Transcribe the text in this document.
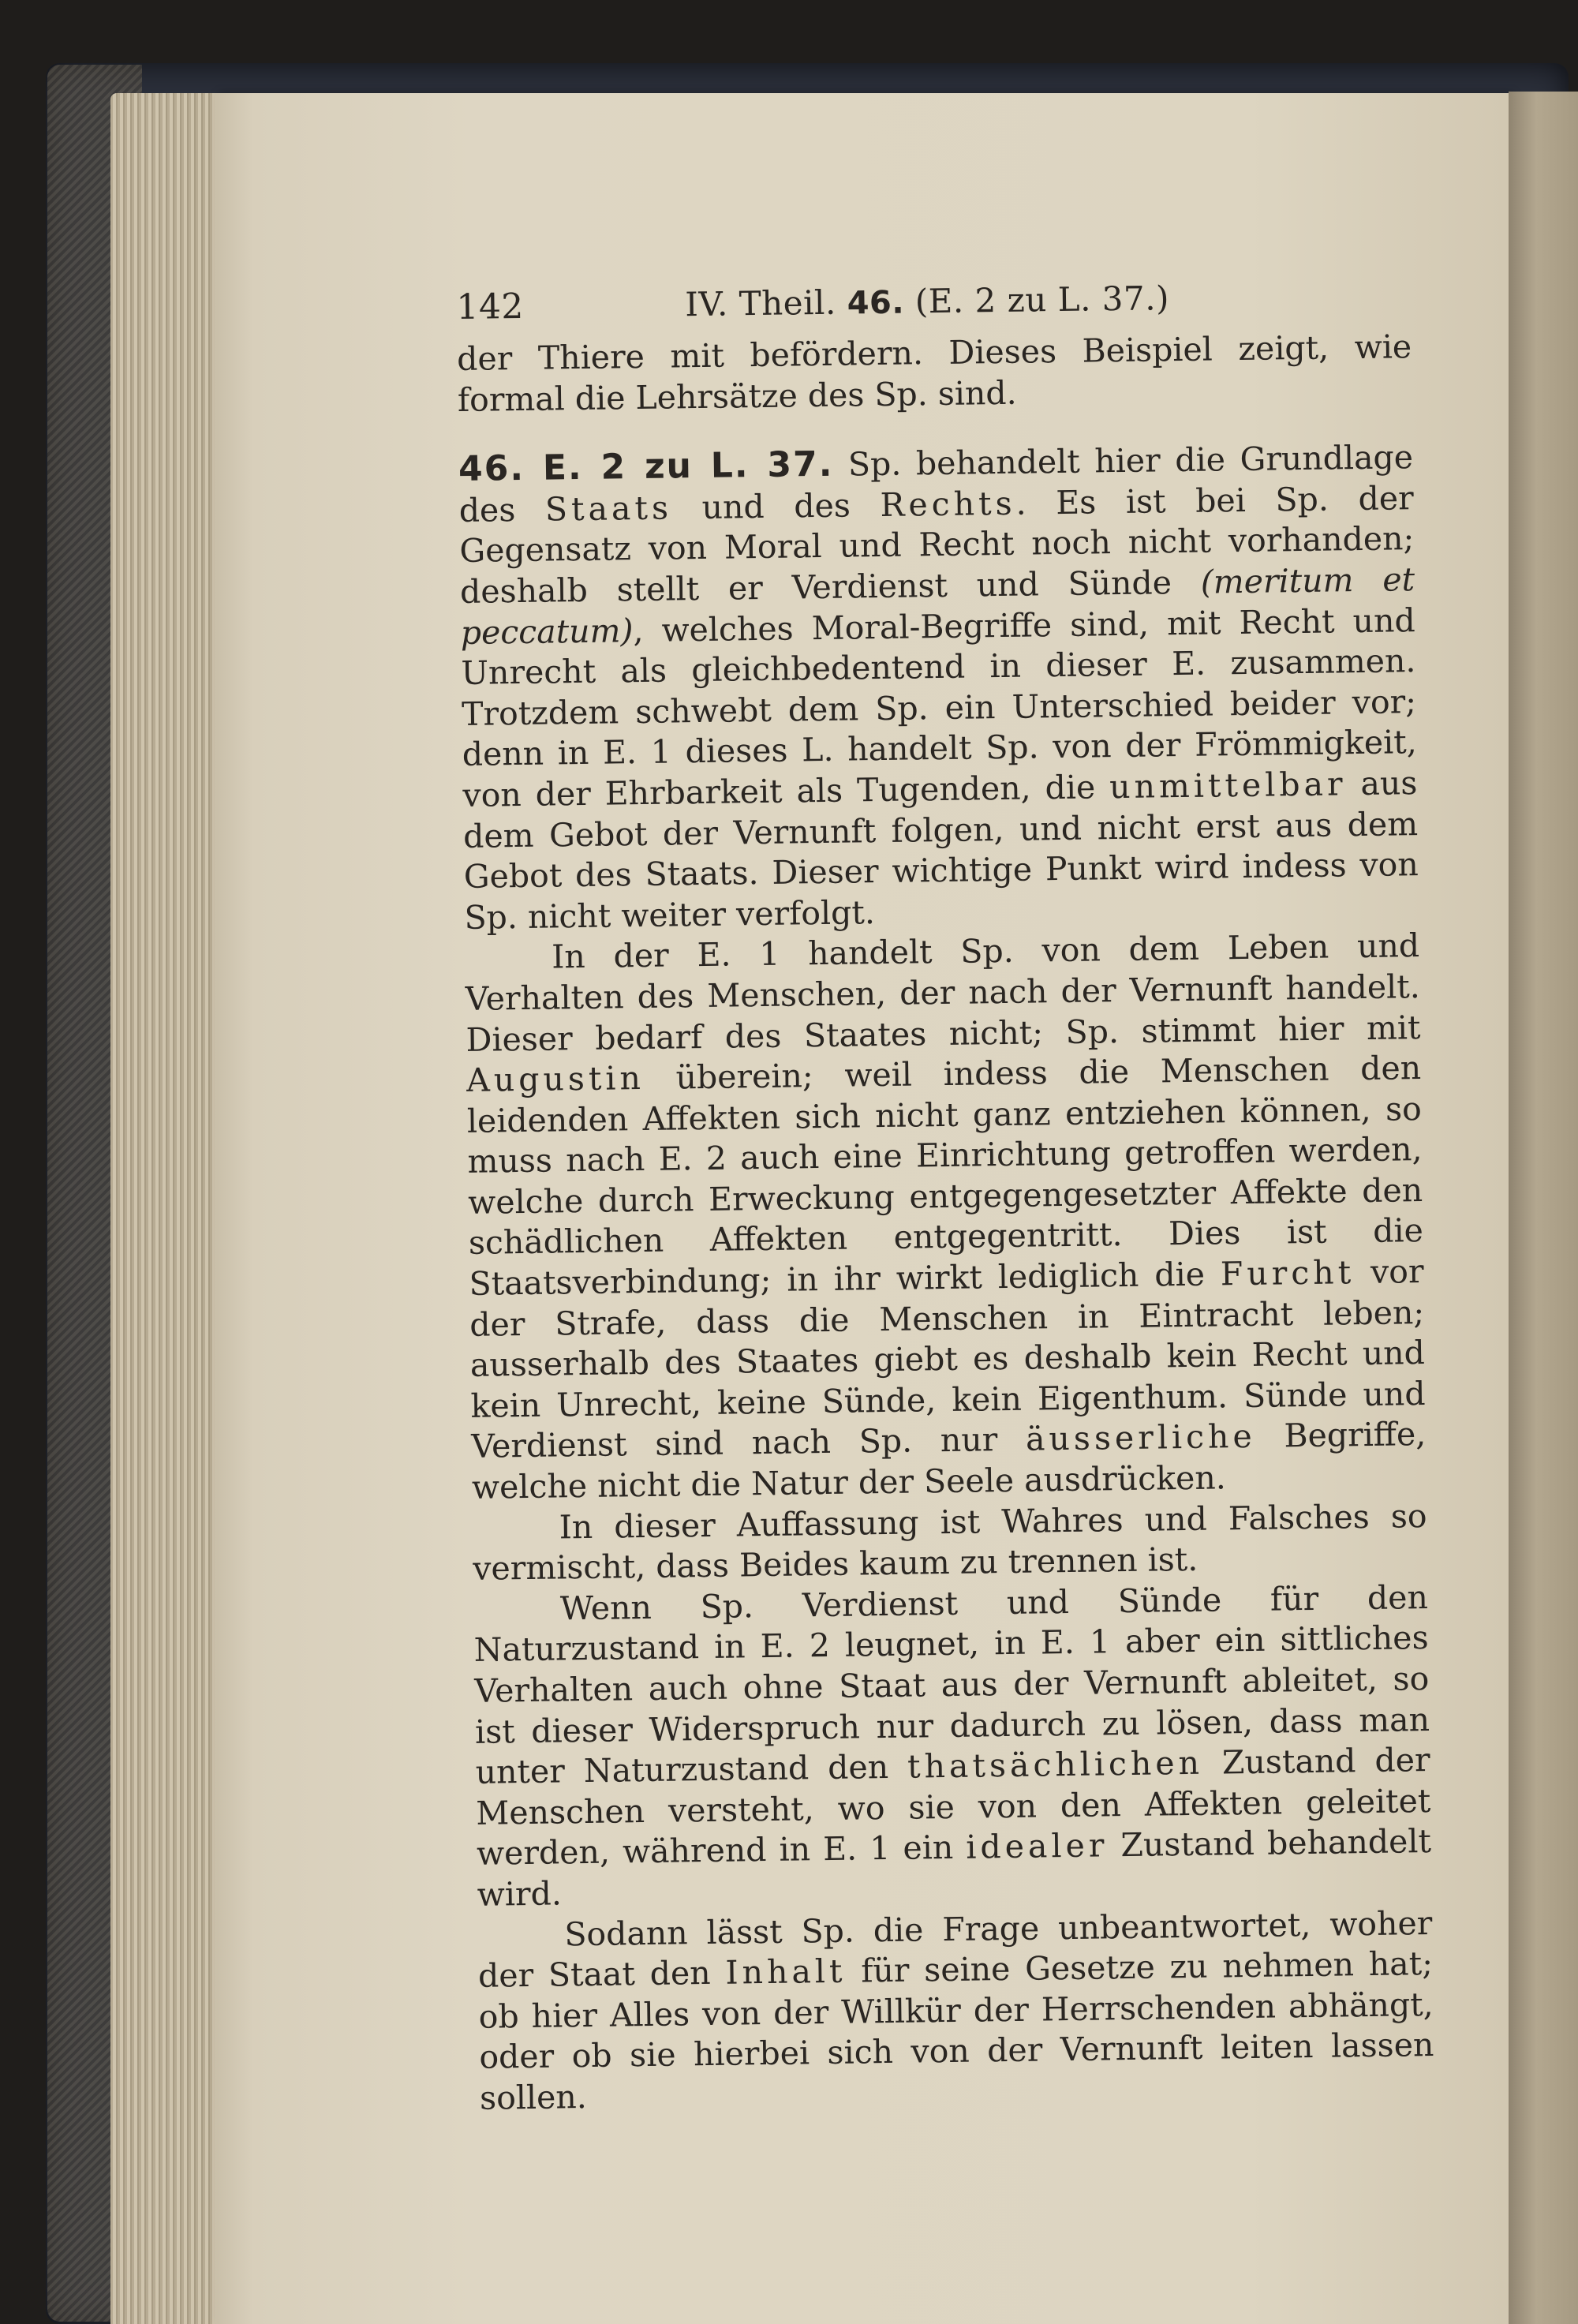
142	IV. Theil. 46. (E. 2 zu L. 37.)

der Thiere mit befördern. Dieses Beispiel zeigt, wie formal die Lehrsätze des Sp. sind.

46. E. 2 zu L. 37. Sp. behandelt hier die Grundlage des Staats und des Rechts. Es ist bei Sp. der Gegensatz von Moral und Recht noch nicht vorhanden; deshalb stellt er Verdienst und Sünde (meritum et peccatum), welches Moral-Begriffe sind, mit Recht und Unrecht als gleichbedentend in dieser E. zusammen. Trotzdem schwebt dem Sp. ein Unterschied beider vor; denn in E. 1 dieses L. handelt Sp. von der Frömmigkeit, von der Ehrbarkeit als Tugenden, die unmittelbar aus dem Gebot der Vernunft folgen, und nicht erst aus dem Gebot des Staats. Dieser wichtige Punkt wird indess von Sp. nicht weiter verfolgt.

In der E. 1 handelt Sp. von dem Leben und Verhalten des Menschen, der nach der Vernunft handelt. Dieser bedarf des Staates nicht; Sp. stimmt hier mit Augustin überein; weil indess die Menschen den leidenden Affekten sich nicht ganz entziehen können, so muss nach E. 2 auch eine Einrichtung getroffen werden, welche durch Erweckung entgegengesetzter Affekte den schädlichen Affekten entgegentritt. Dies ist die Staatsverbindung; in ihr wirkt lediglich die Furcht vor der Strafe, dass die Menschen in Eintracht leben; ausserhalb des Staates giebt es deshalb kein Recht und kein Unrecht, keine Sünde, kein Eigenthum. Sünde und Verdienst sind nach Sp. nur äusserliche Begriffe, welche nicht die Natur der Seele ausdrücken.

In dieser Auffassung ist Wahres und Falsches so vermischt, dass Beides kaum zu trennen ist.

Wenn Sp. Verdienst und Sünde für den Naturzustand in E. 2 leugnet, in E. 1 aber ein sittliches Verhalten auch ohne Staat aus der Vernunft ableitet, so ist dieser Widerspruch nur dadurch zu lösen, dass man unter Naturzustand den thatsächlichen Zustand der Menschen versteht, wo sie von den Affekten geleitet werden, während in E. 1 ein idealer Zustand behandelt wird.

Sodann lässt Sp. die Frage unbeantwortet, woher der Staat den Inhalt für seine Gesetze zu nehmen hat; ob hier Alles von der Willkür der Herrschenden abhängt, oder ob sie hierbei sich von der Vernunft leiten lassen sollen.
